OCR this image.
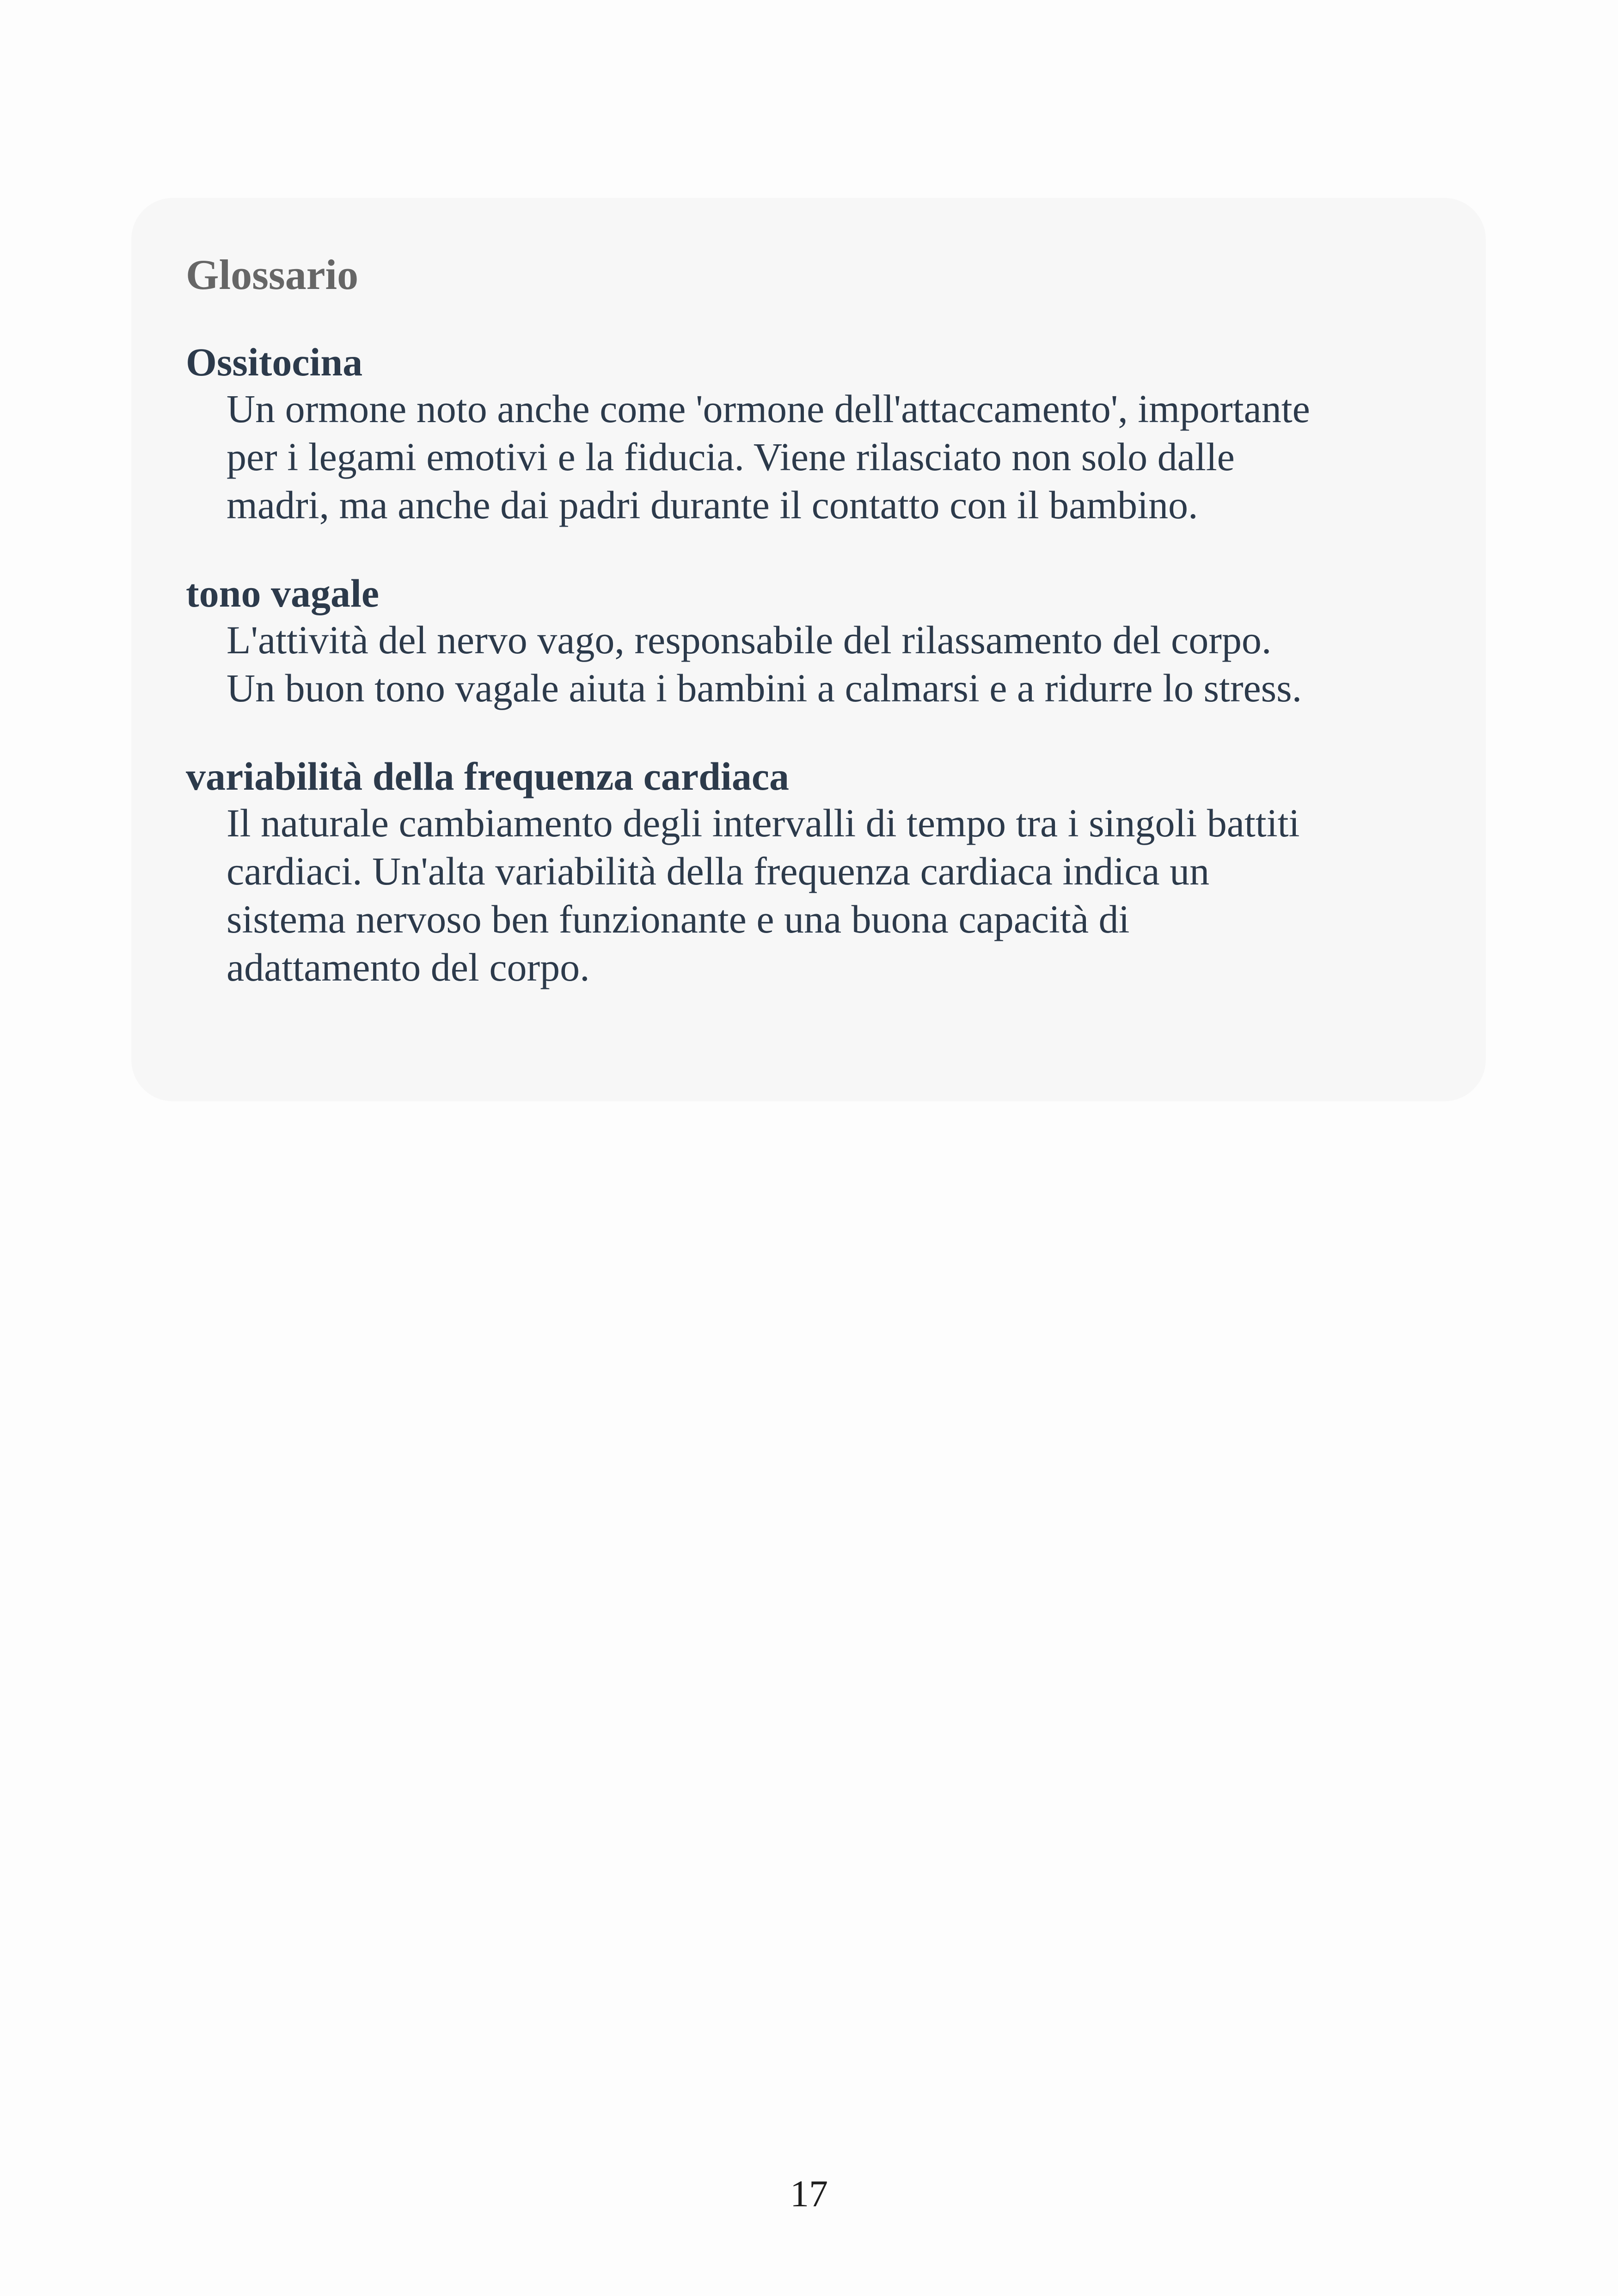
Glossario
Ossitocina
Un ormone noto anche come 'ormone dell'attaccamento', importante
per i legami emotivi e la fiducia. Viene rilasciato non solo dalle
madri, ma anche dai padri durante il contatto con il bambino.
tono vagale
L'attività del nervo vago, responsabile del rilassamento del corpo.
Un buon tono vagale aiuta i bambini a calmarsi e a ridurre lo stress.
variabilità della frequenza cardiaca
Il naturale cambiamento degli intervalli di tempo tra i singoli battiti
cardiaci. Un'alta variabilità della frequenza cardiaca indica un
sistema nervoso ben funzionante e una buona capacità di
adattamento del corpo.
17
